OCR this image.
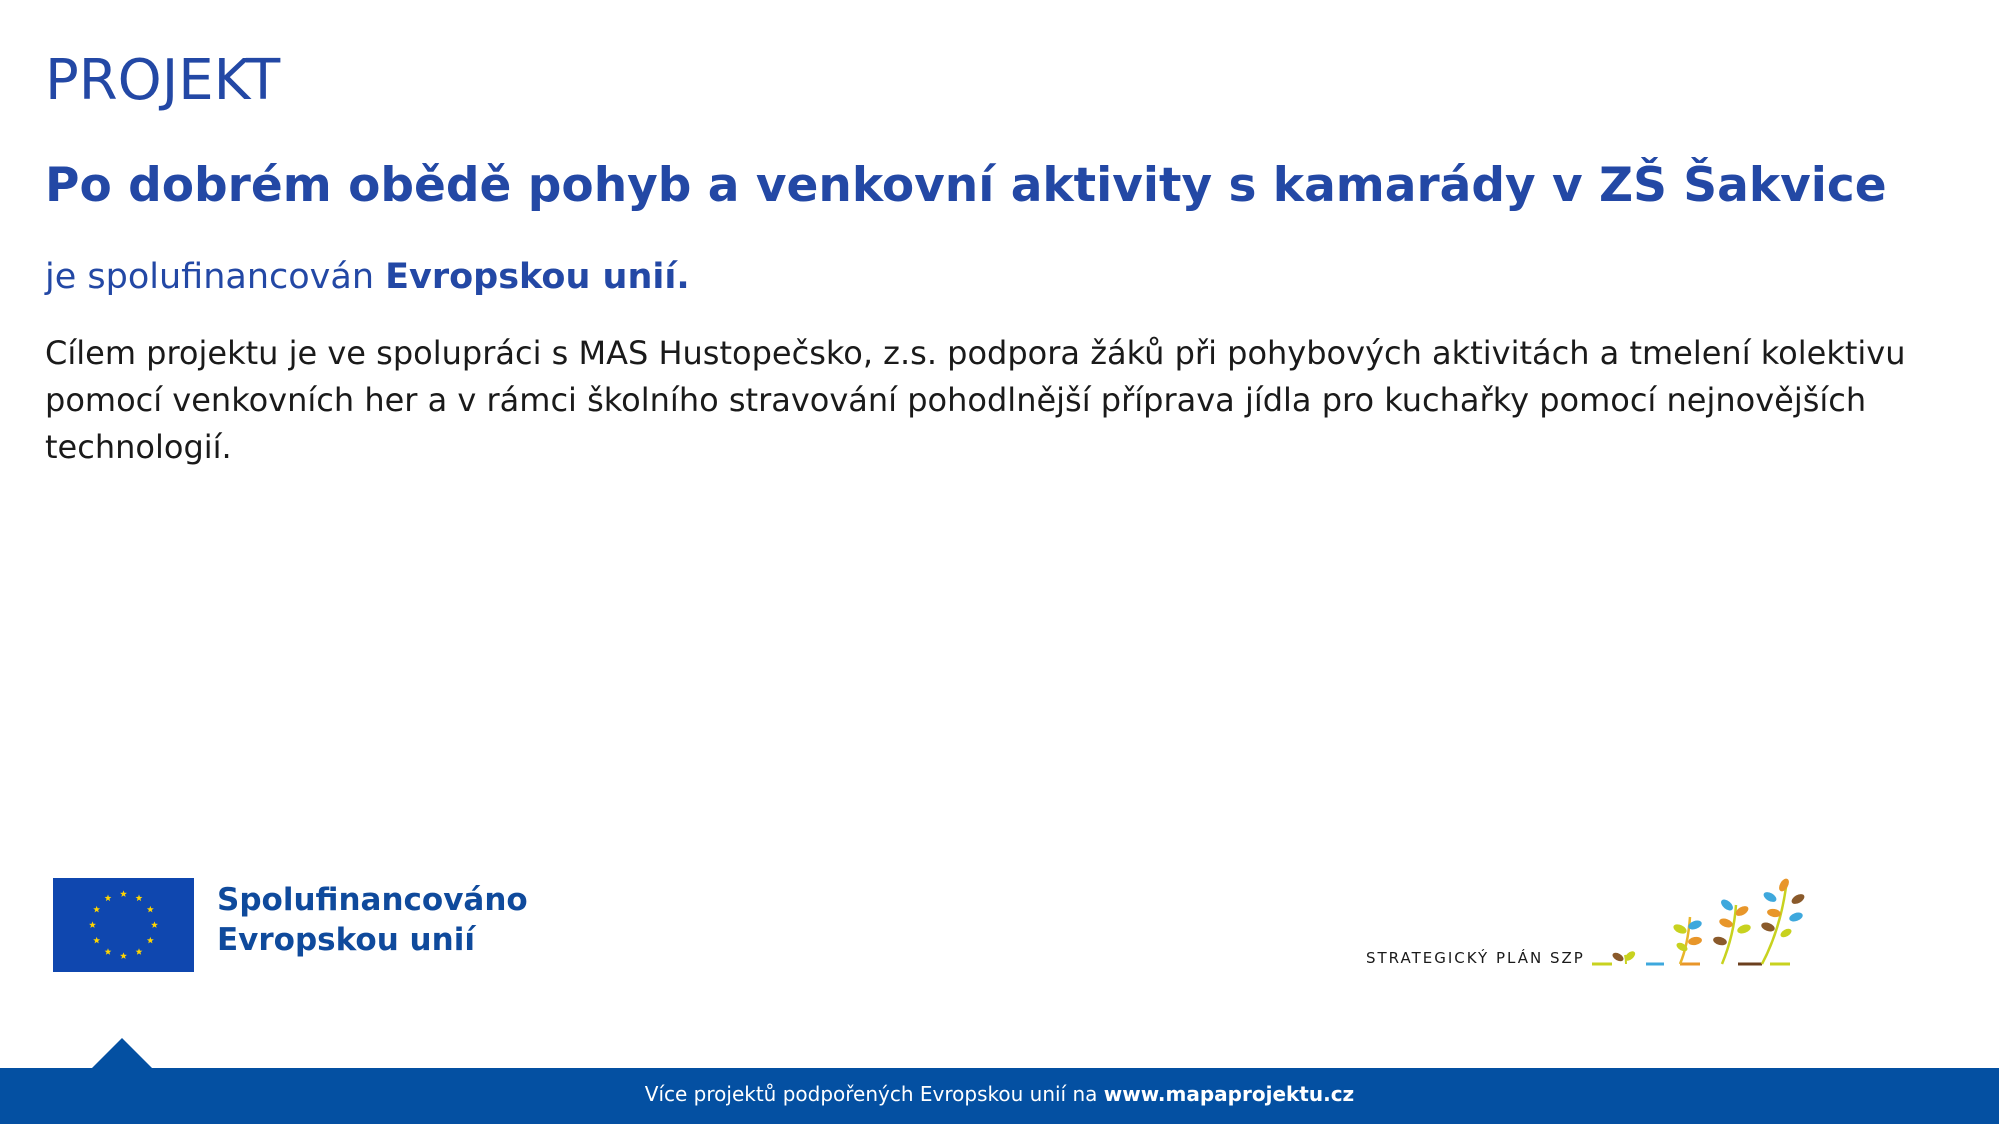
PROJEKT
Po dobrém obědě pohyb a venkovní aktivity s kamarády v ZŠ Šakvice
je spolufinancován Evropskou unií.
Cílem projektu je ve spolupráci s MAS Hustopečsko, z.s. podpora žáků při pohybových aktivitách a tmelení kolektivu pomocí venkovních her a v rámci školního stravování pohodlnější příprava jídla pro kuchařky pomocí nejnovějších technologií.
Spolufinancováno
Evropskou unií	STRATEGICKÝ PLÁN SZP
Více projektů podpořených Evropskou unií na www.mapaprojektu.cz
